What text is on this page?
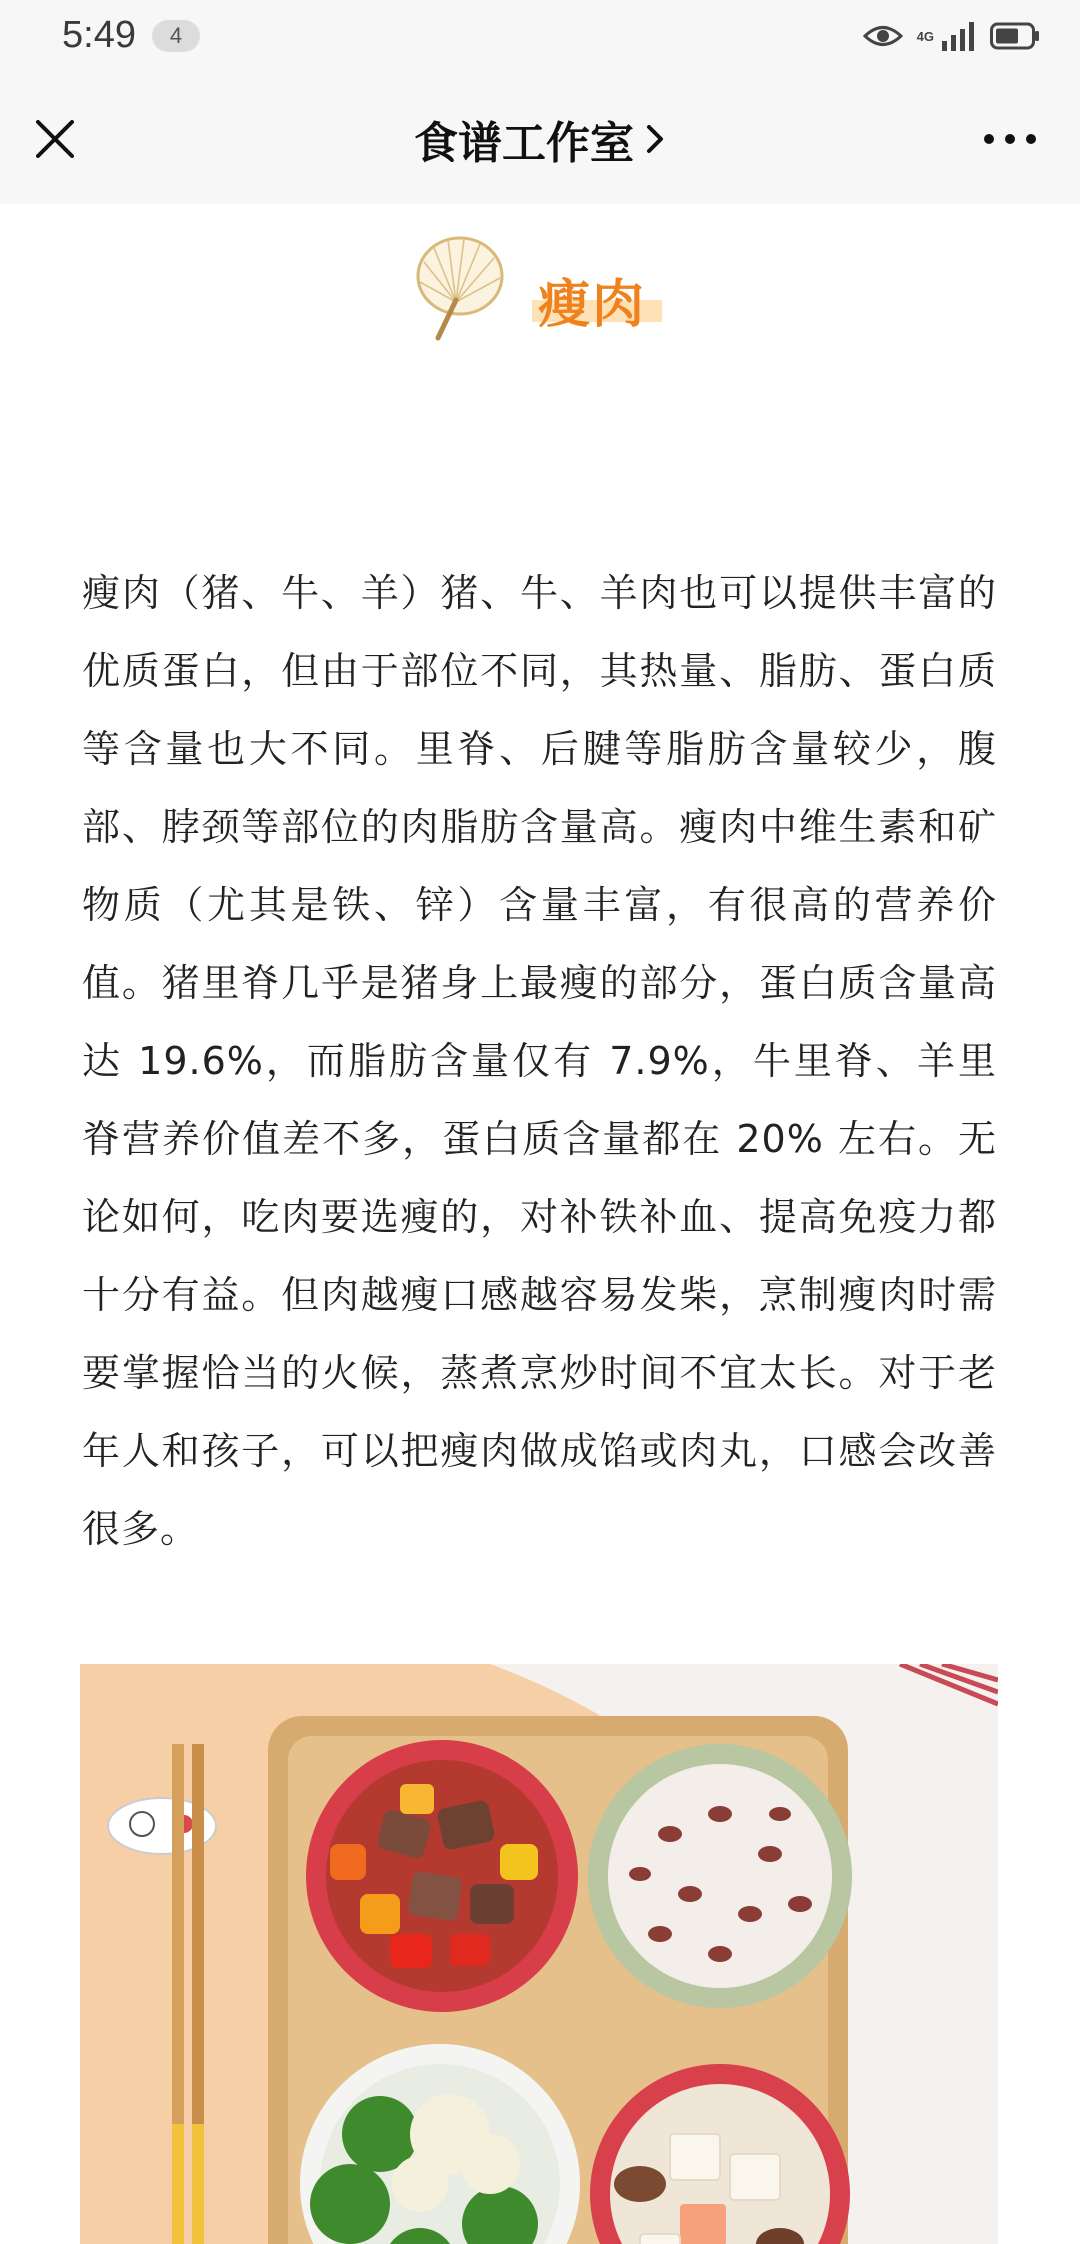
5:49	4	4G
食谱工作室
瘦肉

瘦肉（猪、牛、羊）猪、牛、羊肉也可以提供丰富的优质蛋白，但由于部位不同，其热量、脂肪、蛋白质等含量也大不同。里脊、后腱等脂肪含量较少，腹部、脖颈等部位的肉脂肪含量高。瘦肉中维生素和矿物质（尤其是铁、锌）含量丰富，有很高的营养价值。猪里脊几乎是猪身上最瘦的部分，蛋白质含量高达 19.6%，而脂肪含量仅有 7.9%，牛里脊、羊里脊营养价值差不多，蛋白质含量都在 20% 左右。无论如何，吃肉要选瘦的，对补铁补血、提高免疫力都十分有益。但肉越瘦口感越容易发柴，烹制瘦肉时需要掌握恰当的火候，蒸煮烹炒时间不宜太长。对于老年人和孩子，可以把瘦肉做成馅或肉丸，口感会改善很多。
